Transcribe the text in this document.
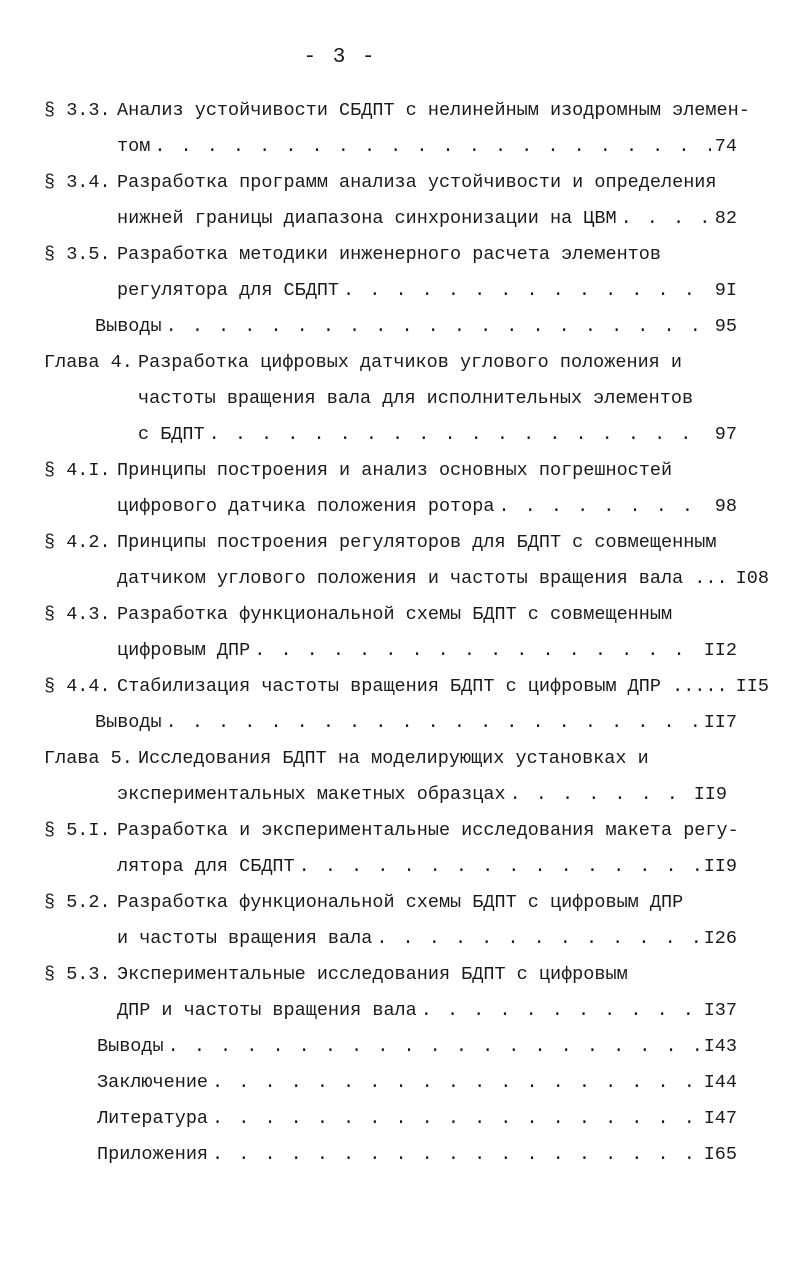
- 3 -
§ 3.3. Анализ устойчивости СБДПТ с нелинейным изодромным элемен-
том . . .	74
§ 3.4. Разработка программ анализа устойчивости и определения
нижней границы диапазона синхронизации на ЦВМ . . .	82
§ 3.5. Разработка методики инженерного расчета элементов
регулятора для СБДПТ . . .	9I
Выводы . . .	95
Глава 4. Разработка цифровых датчиков углового положения и
частоты вращения вала для исполнительных элементов
с БДПТ . . .	97
§ 4.I. Принципы построения и анализ основных погрешностей
цифрового датчика положения ротора . . .	98
§ 4.2. Принципы построения регуляторов для БДПТ с совмещенным
датчиком углового положения и частоты вращения вала ... I08
§ 4.3. Разработка функциональной схемы БДПТ с совмещенным
цифровым ДПР . . .	II2
§ 4.4. Стабилизация частоты вращения БДПТ с цифровым ДПР ..... II5
Выводы . . .	II7
Глава 5. Исследования БДПТ на моделирующих установках и
экспериментальных макетных образцах . . .	II9
§ 5.I. Разработка и экспериментальные исследования макета регу-
лятора для СБДПТ . . .	II9
§ 5.2. Разработка функциональной схемы БДПТ с цифровым ДПР
и частоты вращения вала . . .	I26
§ 5.3. Экспериментальные исследования БДПТ с цифровым
ДПР и частоты вращения вала . . .	I37
Выводы . . .	I43
Заключение . . .	I44
Литература . . .	I47
Приложения . . .	I65
